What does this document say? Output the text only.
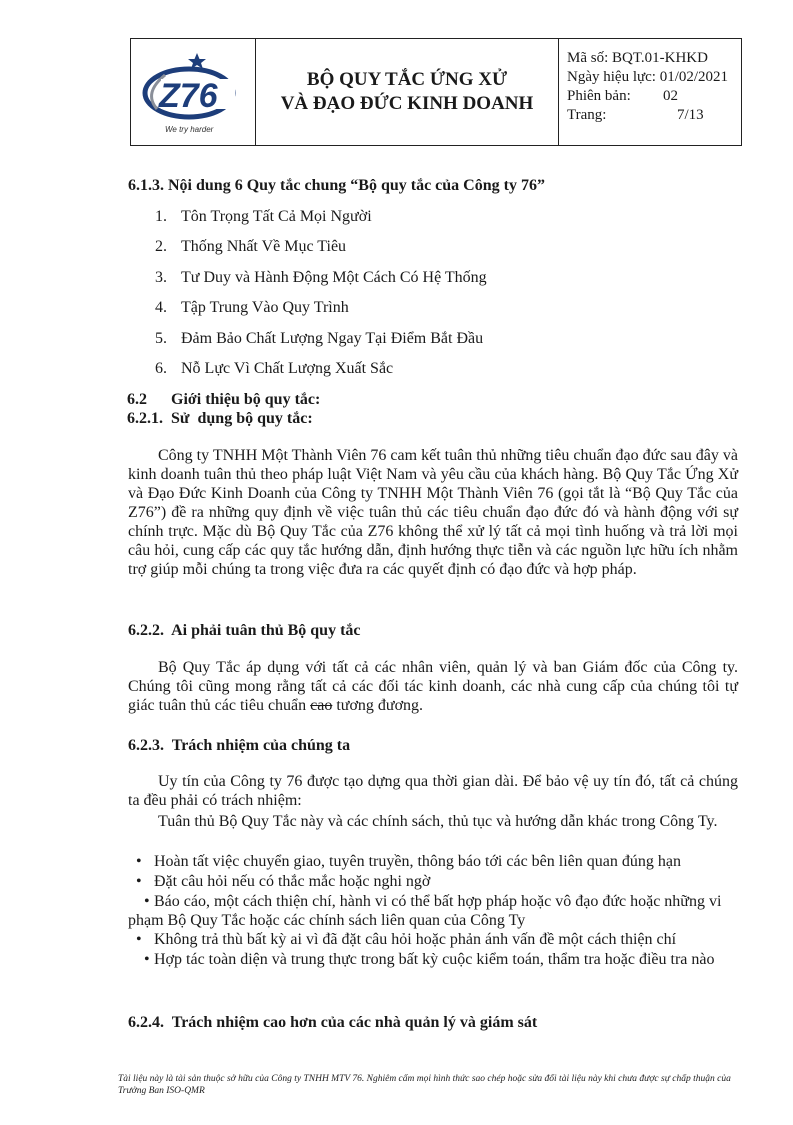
Z76
We try harder
BỘ QUY TẮC ỨNG XỬ
VÀ ĐẠO ĐỨC KINH DOANH
Mã số: BQT.01-KHKD
Ngày hiệu lực: 01/02/2021
Phiên bản:	02
Trang:	7/13
6.1.3. Nội dung 6 Quy tắc chung “Bộ quy tắc của Công ty 76”
1. Tôn Trọng Tất Cả Mọi Người
2. Thống Nhất Về Mục Tiêu
3. Tư Duy và Hành Động Một Cách Có Hệ Thống
4. Tập Trung Vào Quy Trình
5. Đảm Bảo Chất Lượng Ngay Tại Điểm Bắt Đầu
6. Nỗ Lực Vì Chất Lượng Xuất Sắc
6.2      Giới thiệu bộ quy tắc:
6.2.1.  Sử  dụng bộ quy tắc:
Công ty TNHH Một Thành Viên 76 cam kết tuân thủ những tiêu chuẩn đạo đức sau đây và kinh doanh tuân thủ theo pháp luật Việt Nam và yêu cầu của khách hàng. Bộ Quy Tắc Ứng Xử và Đạo Đức Kinh Doanh của Công ty TNHH Một Thành Viên 76 (gọi tắt là “Bộ Quy Tắc của Z76”) đề ra những quy định về việc tuân thủ các tiêu chuẩn đạo đức đó và hành động với sự chính trực. Mặc dù Bộ Quy Tắc của Z76 không thể xử lý tất cả mọi tình huống và trả lời mọi câu hỏi, cung cấp các quy tắc hướng dẫn, định hướng thực tiễn và các nguồn lực hữu ích nhằm trợ giúp mỗi chúng ta trong việc đưa ra các quyết định có đạo đức và hợp pháp.
6.2.2.  Ai phải tuân thủ Bộ quy tắc
Bộ Quy Tắc áp dụng với tất cả các nhân viên, quản lý và ban Giám đốc của Công ty. Chúng tôi cũng mong rằng tất cả các đối tác kinh doanh, các nhà cung cấp của chúng tôi tự giác tuân thủ các tiêu chuẩn cao tương đương.
6.2.3.  Trách nhiệm của chúng ta
Uy tín của Công ty 76 được tạo dựng qua thời gian dài. Để bảo vệ uy tín đó, tất cả chúng ta đều phải có trách nhiệm:
Tuân thủ Bộ Quy Tắc này và các chính sách, thủ tục và hướng dẫn khác trong Công Ty.
• Hoàn tất việc chuyển giao, tuyên truyền, thông báo tới các bên liên quan đúng hạn
• Đặt câu hỏi nếu có thắc mắc hoặc nghi ngờ
• Báo cáo, một cách thiện chí, hành vi có thể bất hợp pháp hoặc vô đạo đức hoặc những vi phạm Bộ Quy Tắc hoặc các chính sách liên quan của Công Ty
• Không trả thù bất kỳ ai vì đã đặt câu hỏi hoặc phản ánh vấn đề một cách thiện chí
• Hợp tác toàn diện và trung thực trong bất kỳ cuộc kiểm toán, thẩm tra hoặc điều tra nào
6.2.4.  Trách nhiệm cao hơn của các nhà quản lý và giám sát
Tài liệu này là tài sản thuộc sở hữu của Công ty TNHH MTV 76. Nghiêm cấm mọi hình thức sao chép hoặc sửa đổi tài liệu này khi chưa được sự chấp thuận của Trưởng Ban ISO-QMR
